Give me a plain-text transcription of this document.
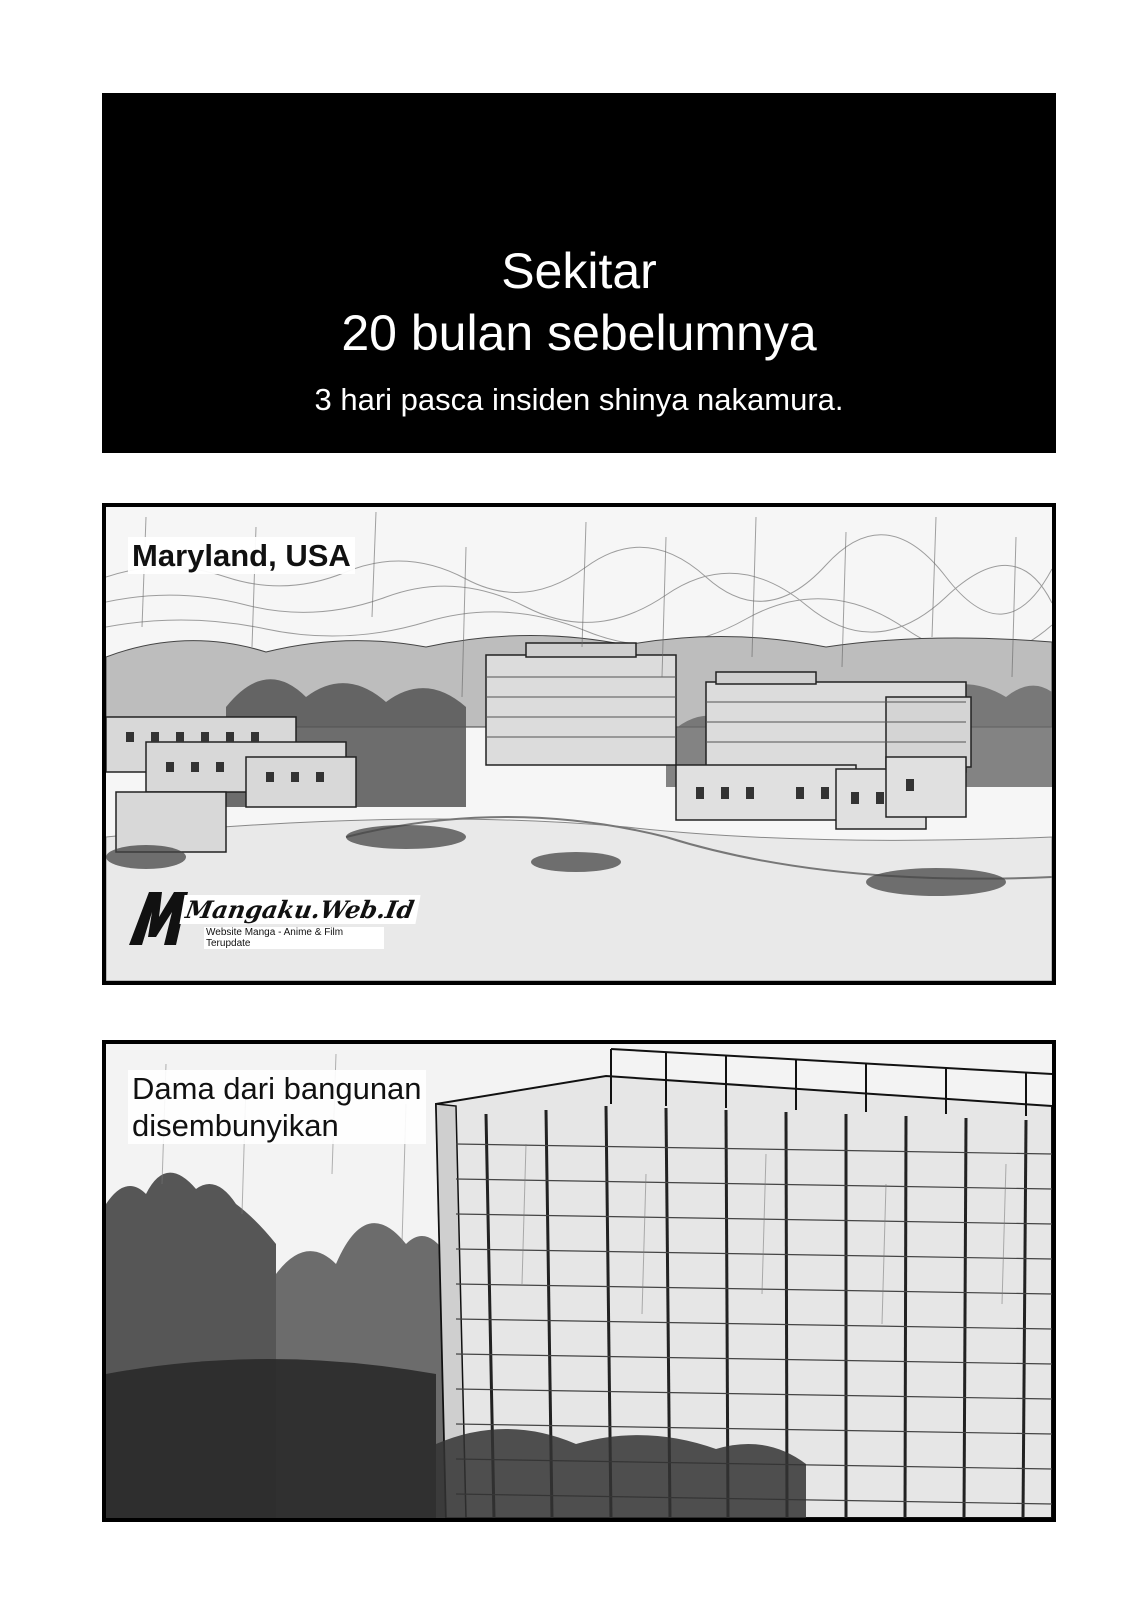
Sekitar
20 bulan sebelumnya

3 hari pasca insiden shinya nakamura.

Maryland, USA
Mangaku.Web.Id
Website Manga - Anime & Film Terupdate
Dama dari bangunan
disembunyikan
